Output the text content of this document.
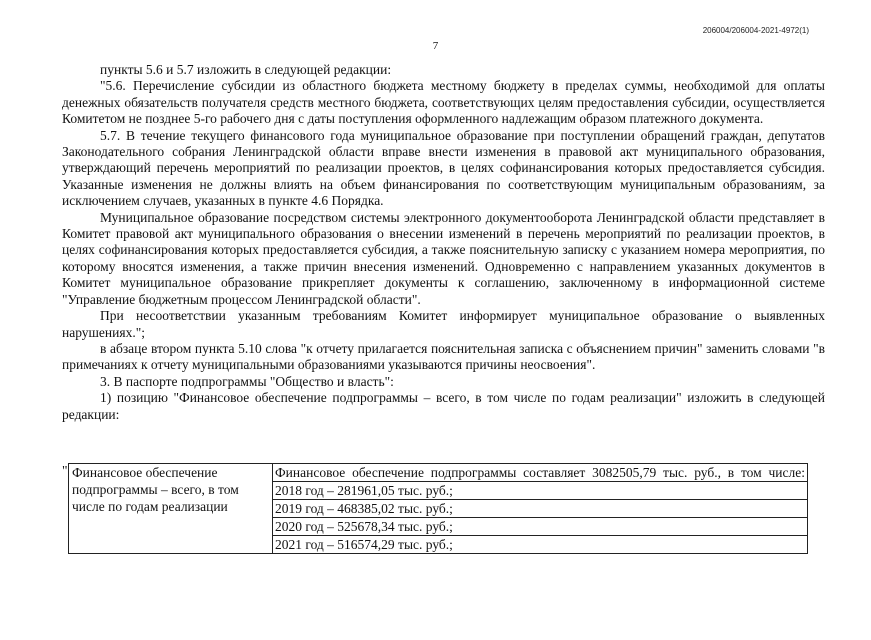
206004/206004-2021-4972(1)
7

пункты 5.6 и 5.7 изложить в следующей редакции:

"5.6. Перечисление субсидии из областного бюджета местному бюджету в пределах суммы, необходимой для оплаты денежных обязательств получателя средств местного бюджета, соответствующих целям предоставления субсидии, осуществляется Комитетом не позднее 5-го рабочего дня с даты поступления оформленного надлежащим образом платежного документа.

5.7. В течение текущего финансового года муниципальное образование при поступлении обращений граждан, депутатов Законодательного собрания Ленинградской области вправе внести изменения в правовой акт муниципального образования, утверждающий перечень мероприятий по реализации проектов, в целях софинансирования которых предоставляется субсидия. Указанные изменения не должны влиять на объем финансирования по соответствующим муниципальным образованиям, за исключением случаев, указанных в пункте 4.6 Порядка.

Муниципальное образование посредством системы электронного документооборота Ленинградской области представляет в Комитет правовой акт муниципального образования о внесении изменений в перечень мероприятий по реализации проектов, в целях софинансирования которых предоставляется субсидия, а также пояснительную записку с указанием номера мероприятия, по которому вносятся изменения, а также причин внесения изменений. Одновременно с направлением указанных документов в Комитет муниципальное образование прикрепляет документы к соглашению, заключенному в информационной системе "Управление бюджетным процессом Ленинградской области".

При несоответствии указанным требованиям Комитет информирует муниципальное образование о выявленных нарушениях.";

в абзаце втором пункта 5.10 слова "к отчету прилагается пояснительная записка с объяснением причин" заменить словами "в примечаниях к отчету муниципальными образованиями указываются причины неосвоения".

3. В паспорте подпрограммы "Общество и власть":

1) позицию "Финансовое обеспечение подпрограммы – всего, в том числе по годам реализации" изложить в следующей редакции:

" Финансовое обеспечение подпрограммы – всего, в том числе по годам реализации	
Финансовое обеспечение подпрограммы составляет 3082505,79 тыс. руб., в том числе:
2018 год – 281961,05 тыс. руб.;
2019 год – 468385,02 тыс. руб.;
2020 год – 525678,34 тыс. руб.;
2021 год – 516574,29 тыс. руб.;
